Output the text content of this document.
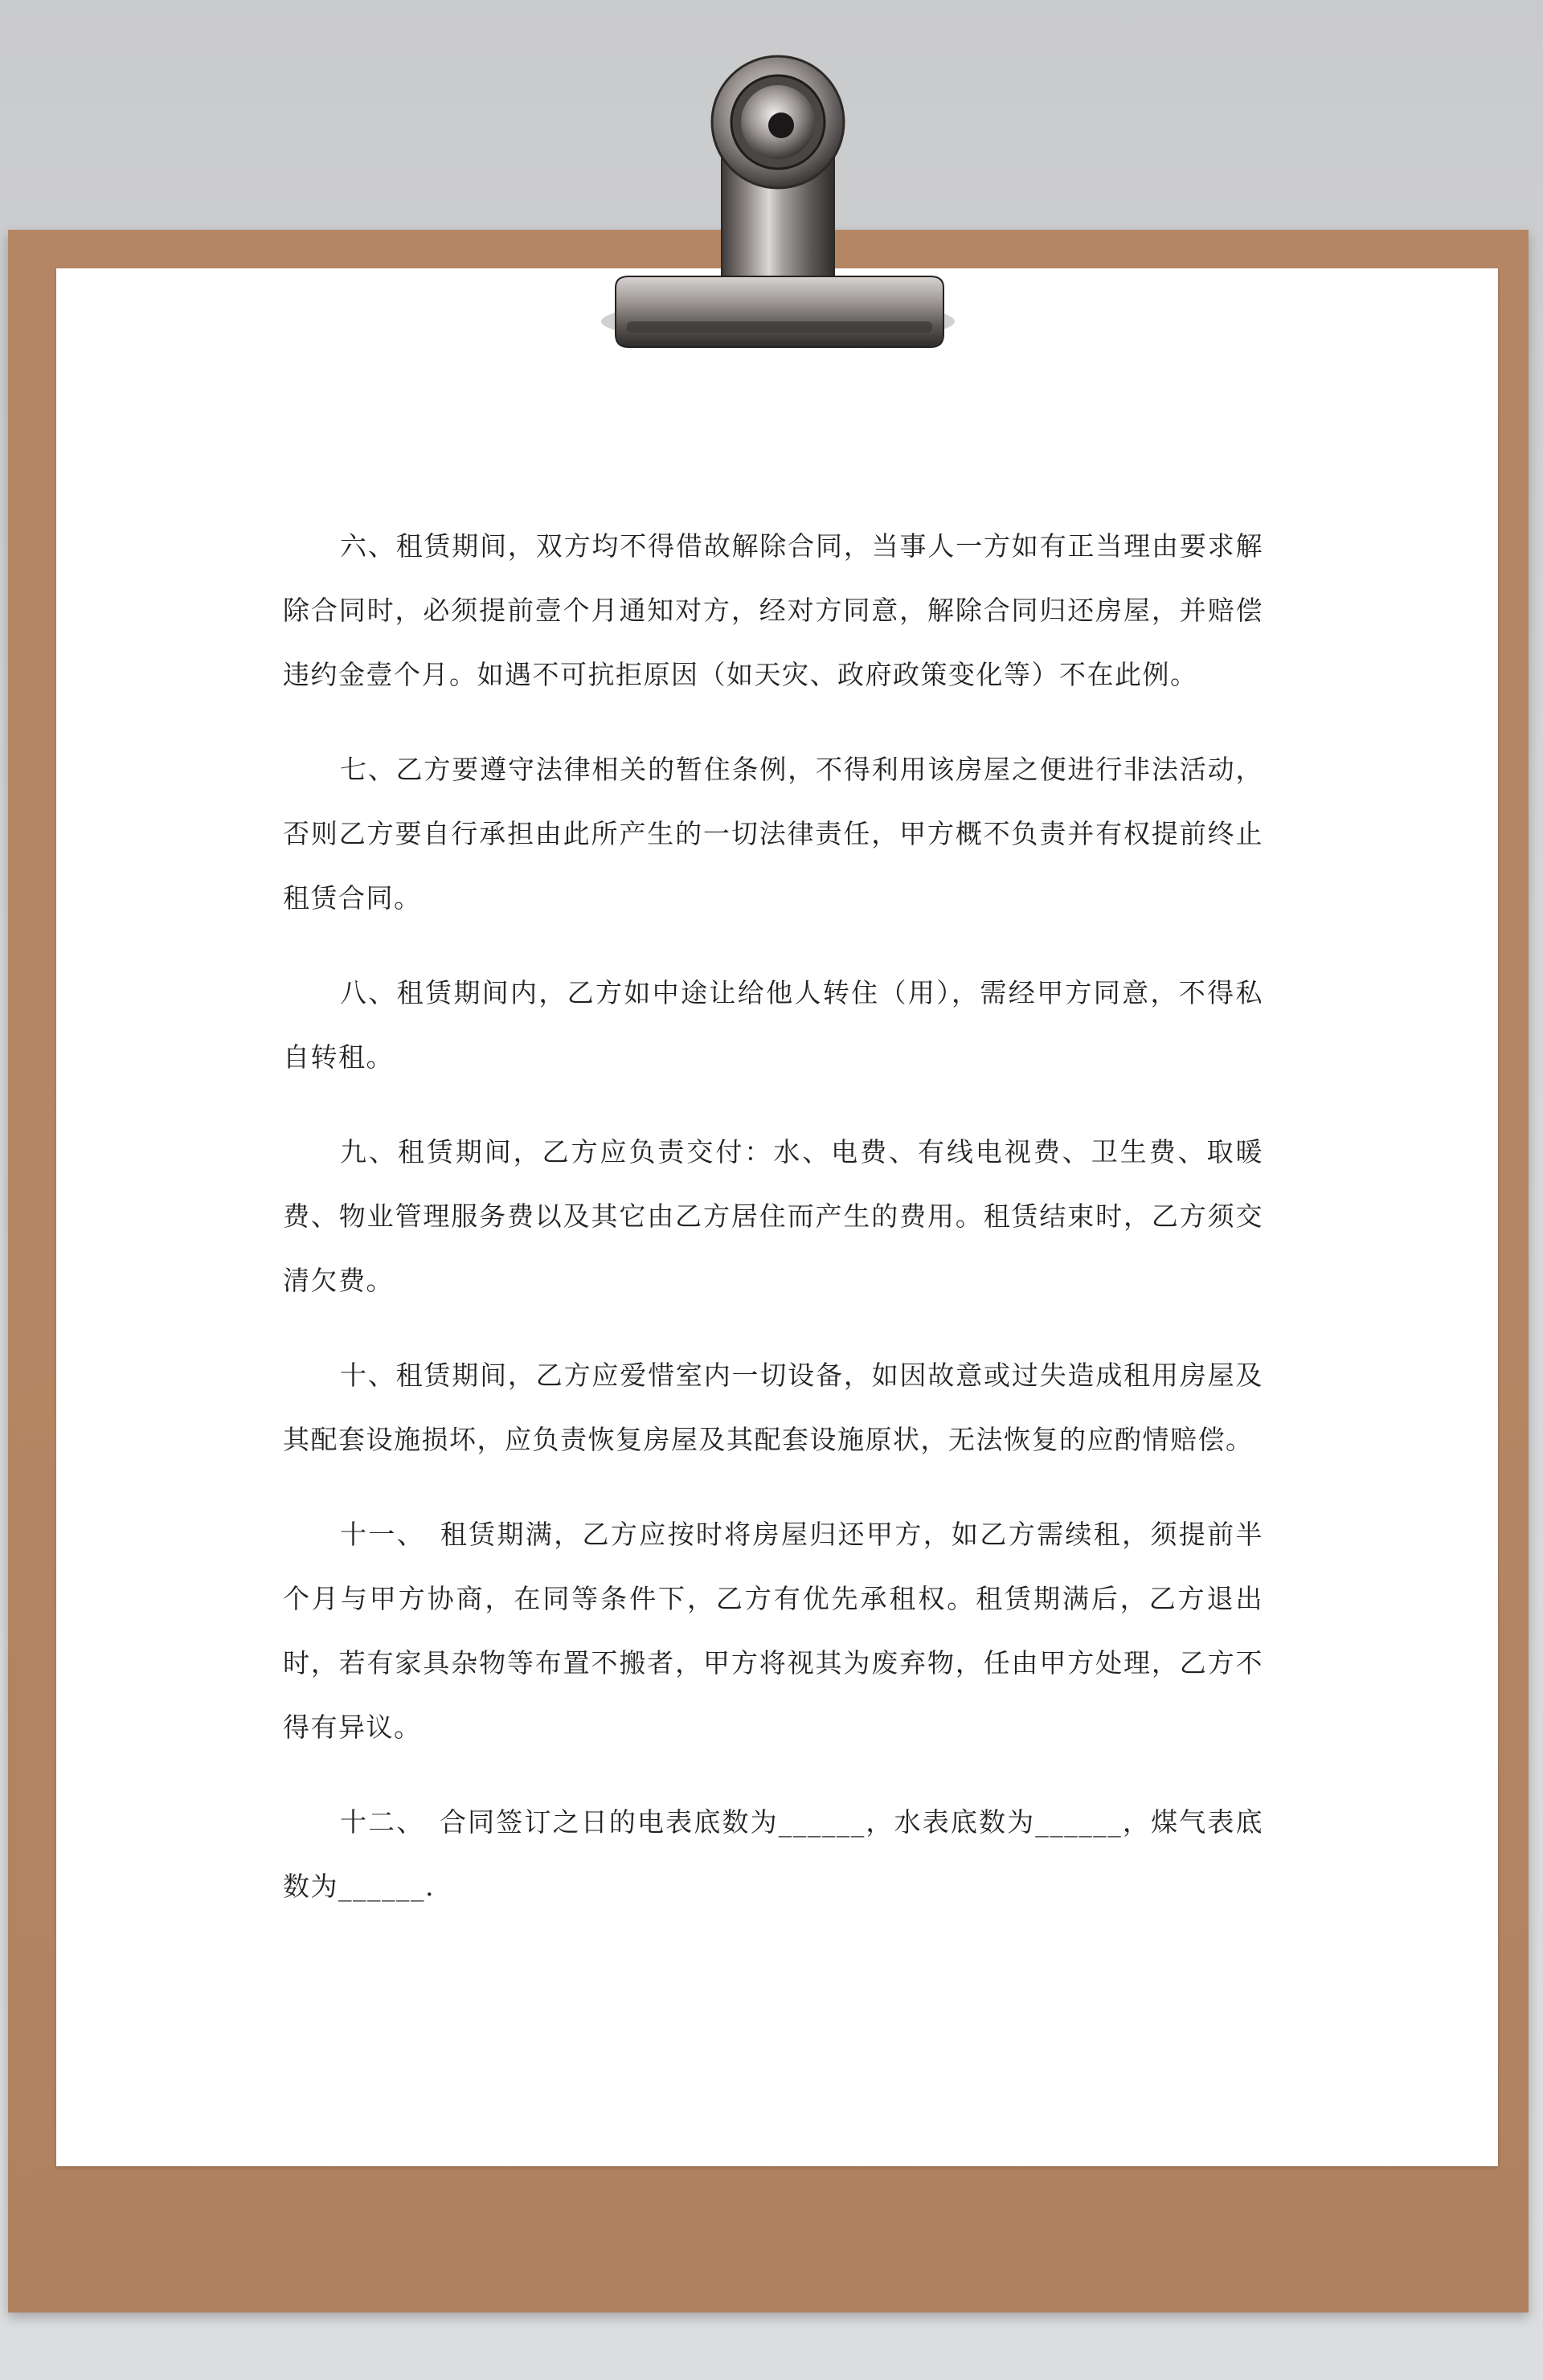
六、租赁期间，双方均不得借故解除合同，当事人一方如有正当理由要求解除合同时，必须提前壹个月通知对方，经对方同意，解除合同归还房屋，并赔偿违约金壹个月。如遇不可抗拒原因（如天灾、政府政策变化等）不在此例。

七、乙方要遵守法律相关的暂住条例，不得利用该房屋之便进行非法活动，否则乙方要自行承担由此所产生的一切法律责任，甲方概不负责并有权提前终止租赁合同。

八、租赁期间内，乙方如中途让给他人转住（用），需经甲方同意，不得私自转租。

九、租赁期间，乙方应负责交付：水、电费、有线电视费、卫生费、取暖费、物业管理服务费以及其它由乙方居住而产生的费用。租赁结束时，乙方须交清欠费。

十、租赁期间，乙方应爱惜室内一切设备，如因故意或过失造成租用房屋及其配套设施损坏，应负责恢复房屋及其配套设施原状，无法恢复的应酌情赔偿。

十一、　租赁期满，乙方应按时将房屋归还甲方，如乙方需续租，须提前半个月与甲方协商，在同等条件下，乙方有优先承租权。租赁期满后，乙方退出时，若有家具杂物等布置不搬者，甲方将视其为废弃物，任由甲方处理，乙方不得有异议。

十二、　合同签订之日的电表底数为______，水表底数为______，煤气表底数为______.
